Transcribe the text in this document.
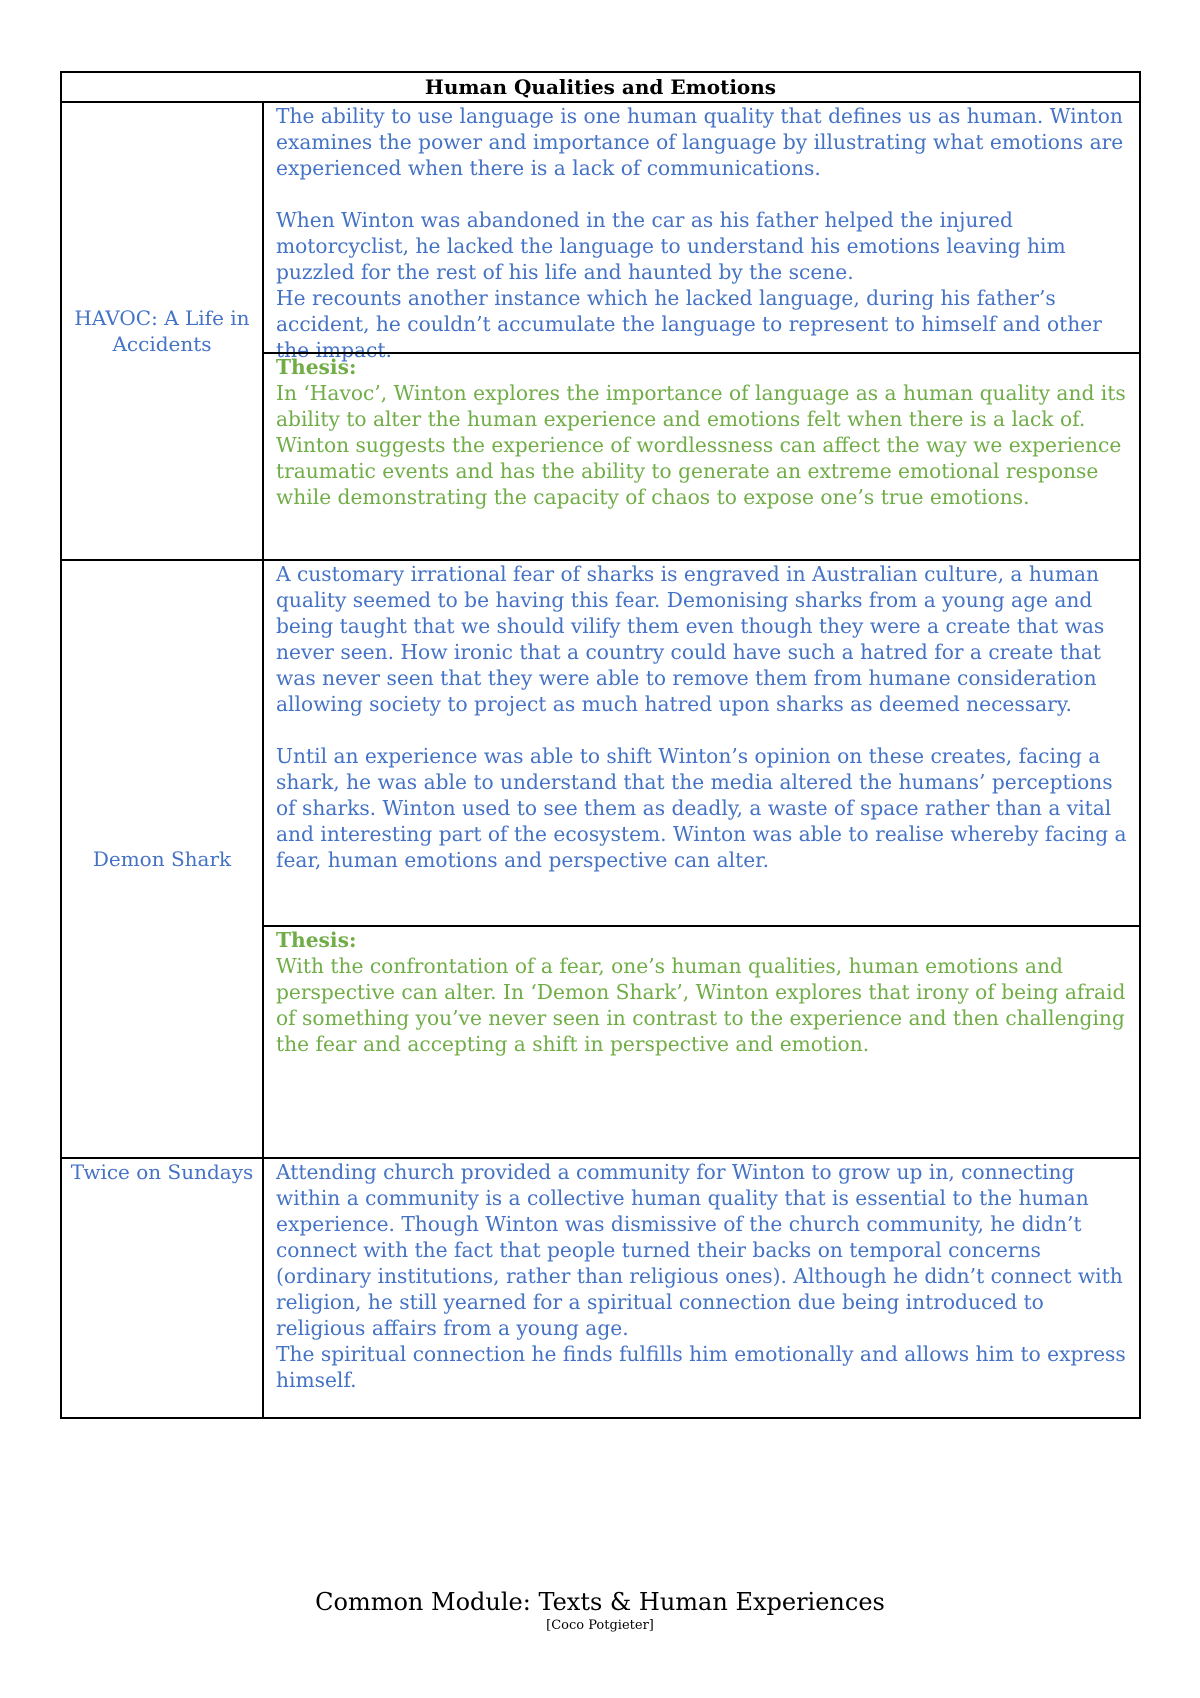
Human Qualities and Emotions
HAVOC: A Life in Accidents

The ability to use language is one human quality that defines us as human. Winton examines the power and importance of language by illustrating what emotions are experienced when there is a lack of communications.

When Winton was abandoned in the car as his father helped the injured motorcyclist, he lacked the language to understand his emotions leaving him puzzled for the rest of his life and haunted by the scene.

He recounts another instance which he lacked language, during his father’s accident, he couldn’t accumulate the language to represent to himself and other the impact.

Thesis:

In ‘Havoc’, Winton explores the importance of language as a human quality and its ability to alter the human experience and emotions felt when there is a lack of.

Winton suggests the experience of wordlessness can affect the way we experience traumatic events and has the ability to generate an extreme emotional response while demonstrating the capacity of chaos to expose one’s true emotions.

Demon Shark

A customary irrational fear of sharks is engraved in Australian culture, a human quality seemed to be having this fear. Demonising sharks from a young age and being taught that we should vilify them even though they were a create that was never seen. How ironic that a country could have such a hatred for a create that was never seen that they were able to remove them from humane consideration allowing society to project as much hatred upon sharks as deemed necessary.

Until an experience was able to shift Winton’s opinion on these creates, facing a shark, he was able to understand that the media altered the humans’ perceptions of sharks. Winton used to see them as deadly, a waste of space rather than a vital and interesting part of the ecosystem. Winton was able to realise whereby facing a fear, human emotions and perspective can alter.

Thesis:

With the confrontation of a fear, one’s human qualities, human emotions and perspective can alter. In ‘Demon Shark’, Winton explores that irony of being afraid of something you’ve never seen in contrast to the experience and then challenging the fear and accepting a shift in perspective and emotion.

Twice on Sundays	Attending church provided a community for Winton to grow up in, connecting within a community is a collective human quality that is essential to the human experience. Though Winton was dismissive of the church community, he didn’t connect with the fact that people turned their backs on temporal concerns (ordinary institutions, rather than religious ones). Although he didn’t connect with religion, he still yearned for a spiritual connection due being introduced to religious affairs from a young age.

The spiritual connection he finds fulfills him emotionally and allows him to express himself.

Common Module: Texts & Human Experiences
[Coco Potgieter]
